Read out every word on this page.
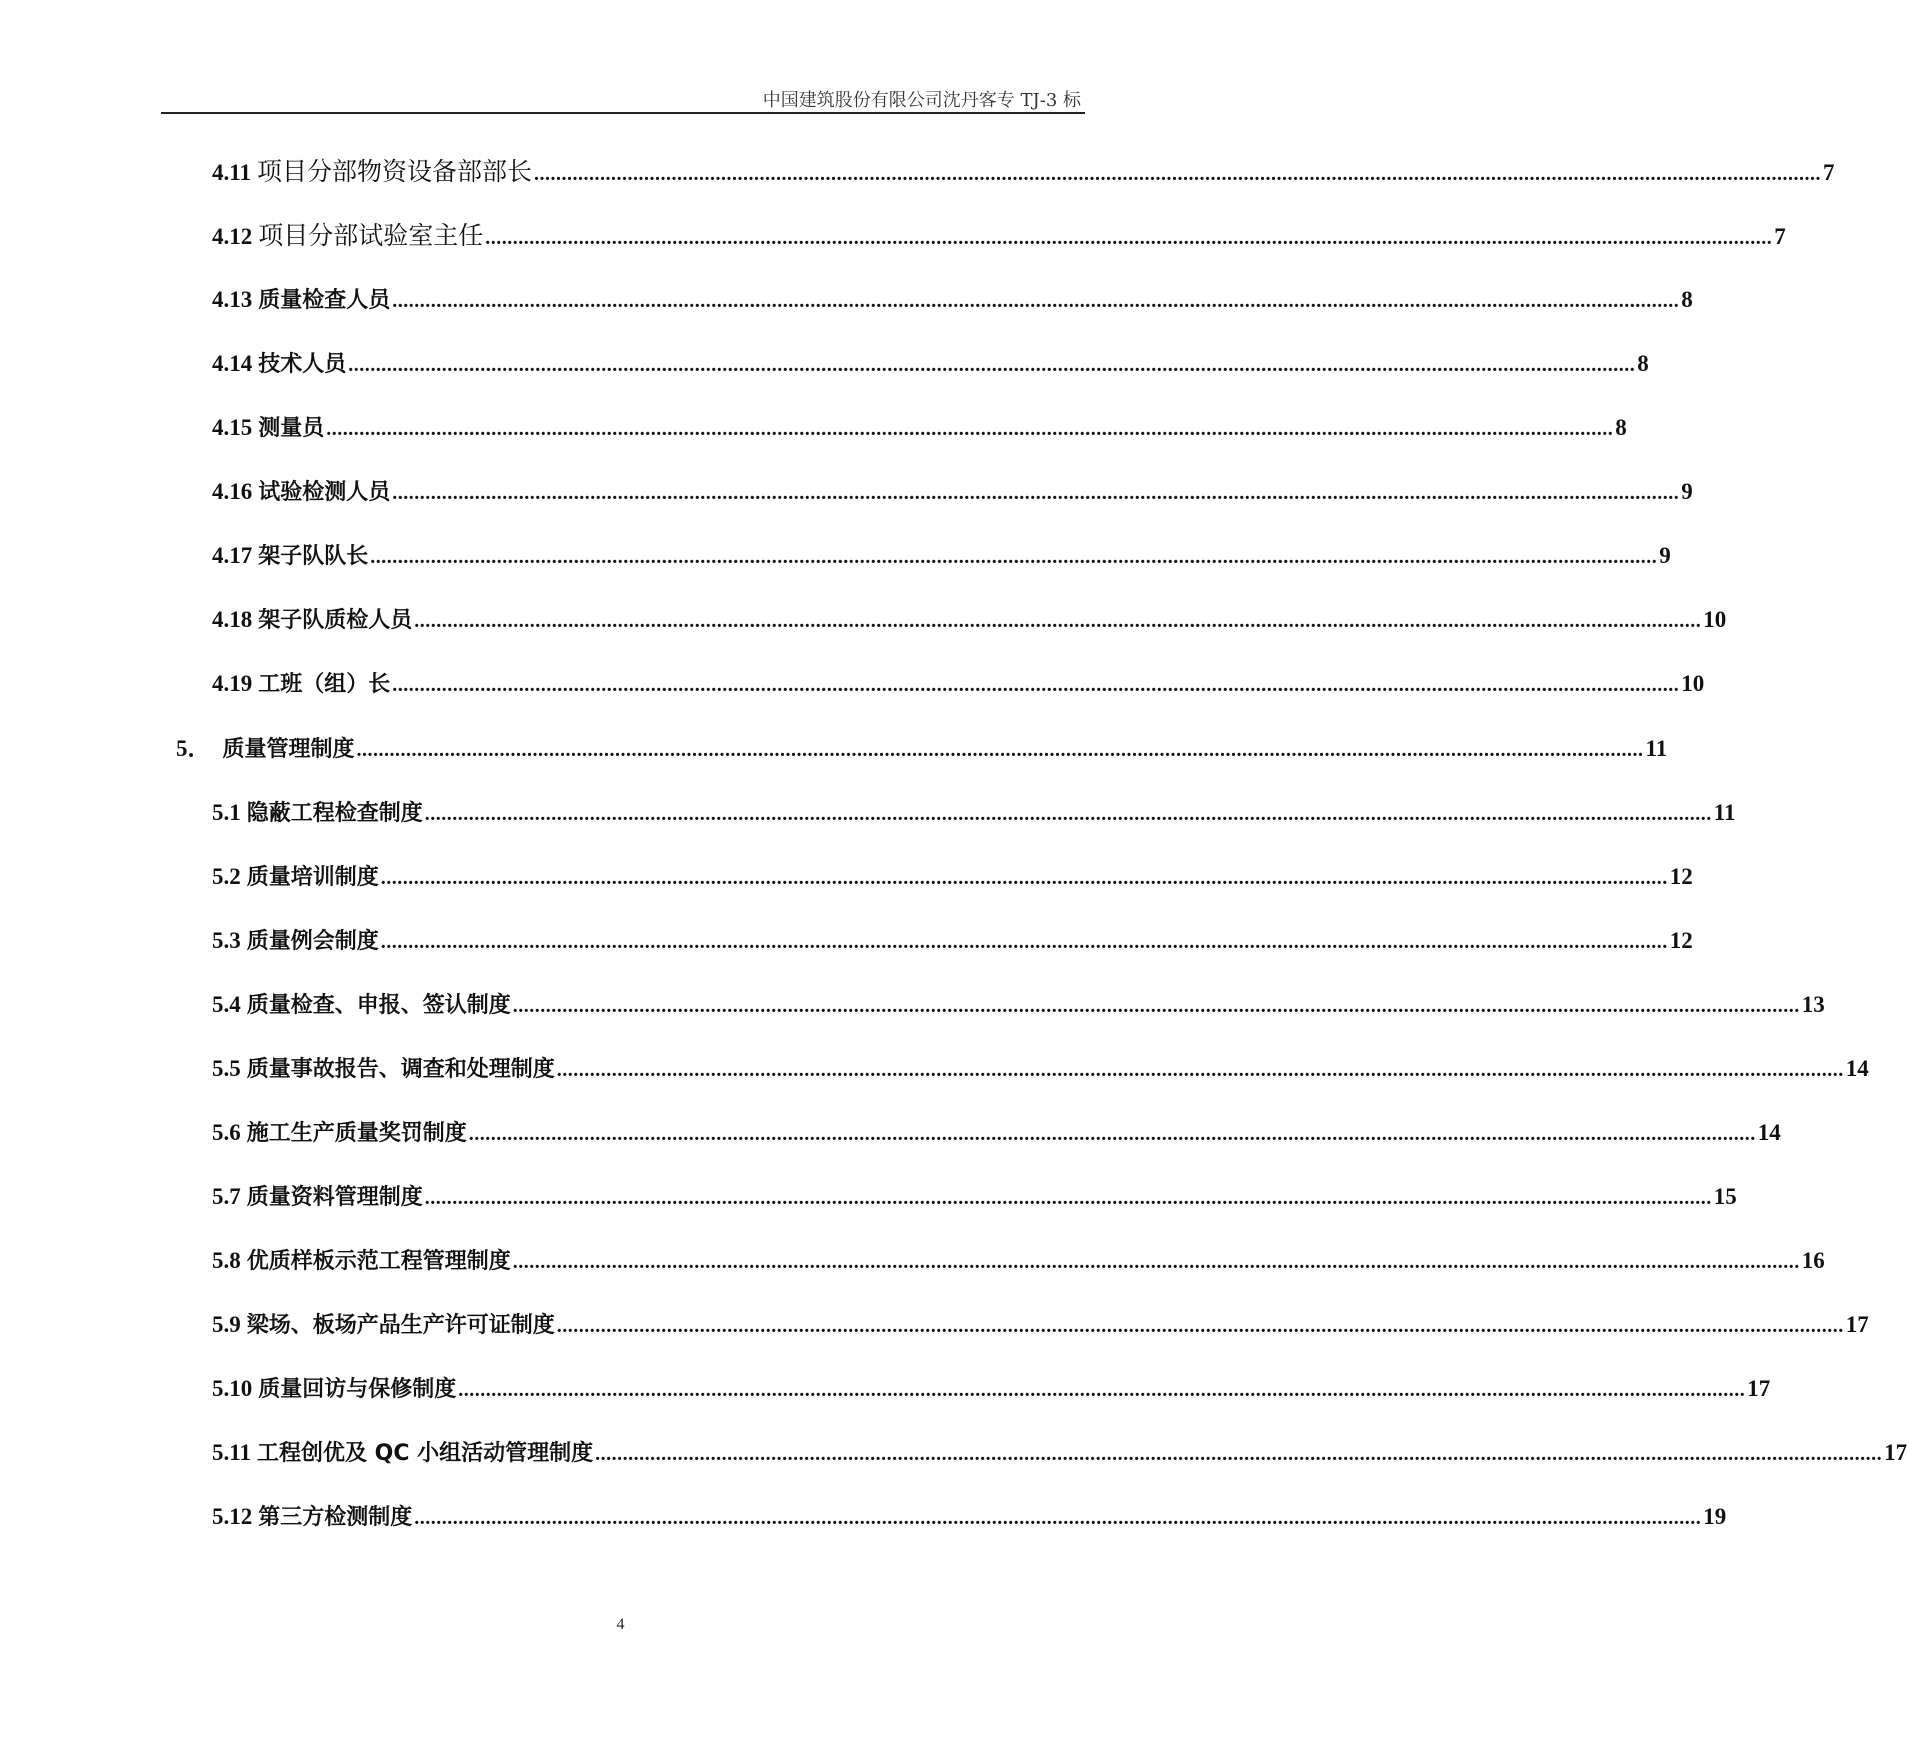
中国建筑股份有限公司沈丹客专 TJ-3 标
4.11 项目分部物资设备部部长 .......................................................................................................................................................................................................................................... 7
4.12 项目分部试验室主任 .......................................................................................................................................................................................................................................... 7
4.13 质量检查人员 .......................................................................................................................................................................................................................................... 8
4.14 技术人员 .......................................................................................................................................................................................................................................... 8
4.15 测量员 .......................................................................................................................................................................................................................................... 8
4.16 试验检测人员 .......................................................................................................................................................................................................................................... 9
4.17 架子队队长 .......................................................................................................................................................................................................................................... 9
4.18 架子队质检人员 .......................................................................................................................................................................................................................................... 10
4.19 工班（组）长 .......................................................................................................................................................................................................................................... 10
5． 质量管理制度 .......................................................................................................................................................................................................................................... 11
5.1 隐蔽工程检查制度 .......................................................................................................................................................................................................................................... 11
5.2 质量培训制度 .......................................................................................................................................................................................................................................... 12
5.3 质量例会制度 .......................................................................................................................................................................................................................................... 12
5.4 质量检查、申报、签认制度 .......................................................................................................................................................................................................................................... 13
5.5 质量事故报告、调查和处理制度 .......................................................................................................................................................................................................................................... 14
5.6 施工生产质量奖罚制度 .......................................................................................................................................................................................................................................... 14
5.7 质量资料管理制度 .......................................................................................................................................................................................................................................... 15
5.8 优质样板示范工程管理制度 .......................................................................................................................................................................................................................................... 16
5.9 梁场、板场产品生产许可证制度 .......................................................................................................................................................................................................................................... 17
5.10 质量回访与保修制度 .......................................................................................................................................................................................................................................... 17
5.11 工程创优及 QC 小组活动管理制度 .......................................................................................................................................................................................................................................... 17
5.12 第三方检测制度 .......................................................................................................................................................................................................................................... 19
4
